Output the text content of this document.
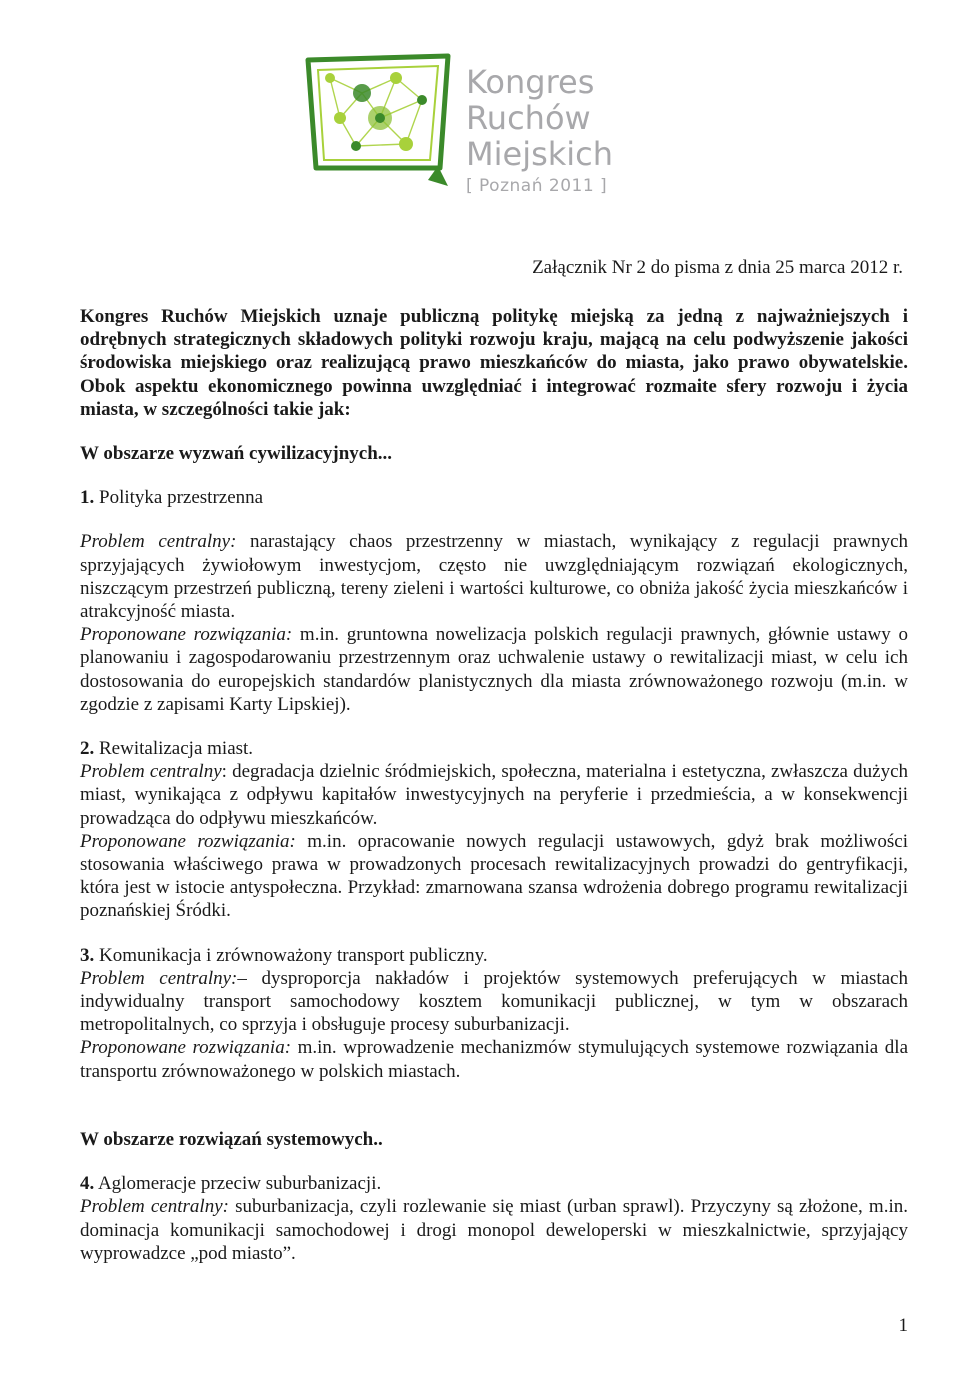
Kongres
Ruchów
Miejskich
[ Poznań 2011 ]
Załącznik Nr 2 do pisma z dnia 25 marca 2012 r.

Kongres Ruchów Miejskich uznaje publiczną politykę miejską za jedną z najważniejszych i odrębnych strategicznych składowych polityki rozwoju kraju, mającą na celu podwyższenie jakości środowiska miejskiego oraz realizującą prawo mieszkańców do miasta, jako prawo obywatelskie. Obok aspektu ekonomicznego powinna uwzględniać i integrować rozmaite sfery rozwoju i życia miasta, w szczególności takie jak:

W obszarze wyzwań cywilizacyjnych...

1. Polityka przestrzenna

Problem centralny: narastający chaos przestrzenny w miastach, wynikający z regulacji prawnych sprzyjających żywiołowym inwestycjom, często nie uwzględniającym rozwiązań ekologicznych, niszczącym przestrzeń publiczną, tereny zieleni i wartości kulturowe, co obniża jakość życia mieszkańców i atrakcyjność miasta.

Proponowane rozwiązania: m.in. gruntowna nowelizacja polskich regulacji prawnych, głównie ustawy o planowaniu i zagospodarowaniu przestrzennym oraz uchwalenie ustawy o rewitalizacji miast, w celu ich dostosowania do europejskich standardów planistycznych dla miasta zrównoważonego rozwoju (m.in. w zgodzie z zapisami Karty Lipskiej).

2. Rewitalizacja miast.

Problem centralny: degradacja dzielnic śródmiejskich, społeczna, materialna i estetyczna, zwłaszcza dużych miast, wynikająca z odpływu kapitałów inwestycyjnych na peryferie i przedmieścia, a w konsekwencji prowadząca do odpływu mieszkańców.

Proponowane rozwiązania: m.in. opracowanie nowych regulacji ustawowych, gdyż brak możliwości stosowania właściwego prawa w prowadzonych procesach rewitalizacyjnych prowadzi do gentryfikacji, która jest w istocie antyspołeczna. Przykład: zmarnowana szansa wdrożenia dobrego programu rewitalizacji poznańskiej Śródki.

3. Komunikacja i zrównoważony transport publiczny.

Problem centralny:– dysproporcja nakładów i projektów systemowych preferujących w miastach indywidualny transport samochodowy kosztem komunikacji publicznej, w tym w obszarach metropolitalnych, co sprzyja i obsługuje procesy suburbanizacji.

Proponowane rozwiązania: m.in. wprowadzenie mechanizmów stymulujących systemowe rozwiązania dla transportu zrównoważonego w polskich miastach.

W obszarze rozwiązań systemowych..

4. Aglomeracje przeciw suburbanizacji.

Problem centralny: suburbanizacja, czyli rozlewanie się miast (urban sprawl). Przyczyny są złożone, m.in. dominacja komunikacji samochodowej i drogi monopol deweloperski w mieszkalnictwie, sprzyjający wyprowadzce „pod miasto”.

1
